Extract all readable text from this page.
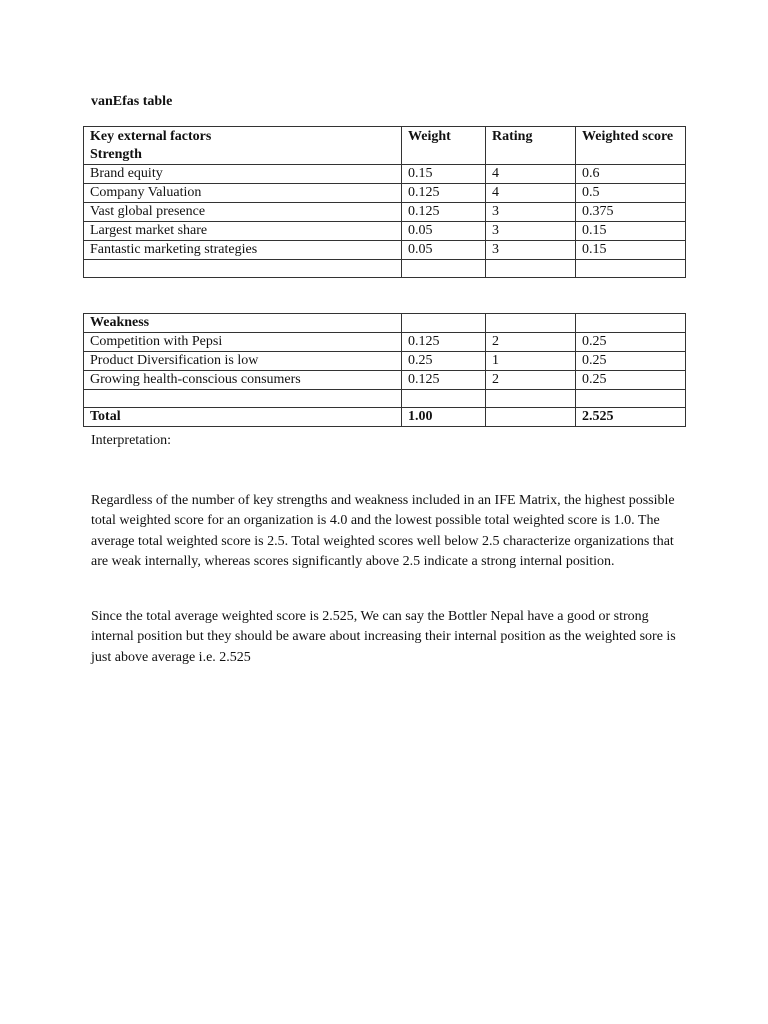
vanEfas table
Key external factors
Strength	Weight	Rating	Weighted score
Brand equity	0.15	4	0.6
Company Valuation	0.125	4	0.5
Vast global presence	0.125	3	0.375
Largest market share	0.05	3	0.15
Fantastic marketing strategies	0.05	3	0.15

Weakness			
Competition with Pepsi	0.125	2	0.25
Product Diversification is low	0.25	1	0.25
Growing health-conscious consumers	0.125	2	0.25

Total	1.00		2.525

Interpretation:

Regardless of the number of key strengths and weakness included in an IFE Matrix, the highest possible total weighted score for an organization is 4.0 and the lowest possible total weighted score is 1.0. The average total weighted score is 2.5. Total weighted scores well below 2.5 characterize organizations that are weak internally, whereas scores significantly above 2.5 indicate a strong internal position.

Since the total average weighted score is 2.525, We can say the Bottler Nepal have a good or strong internal position but they should be aware about increasing their internal position as the weighted sore is just above average i.e. 2.525
